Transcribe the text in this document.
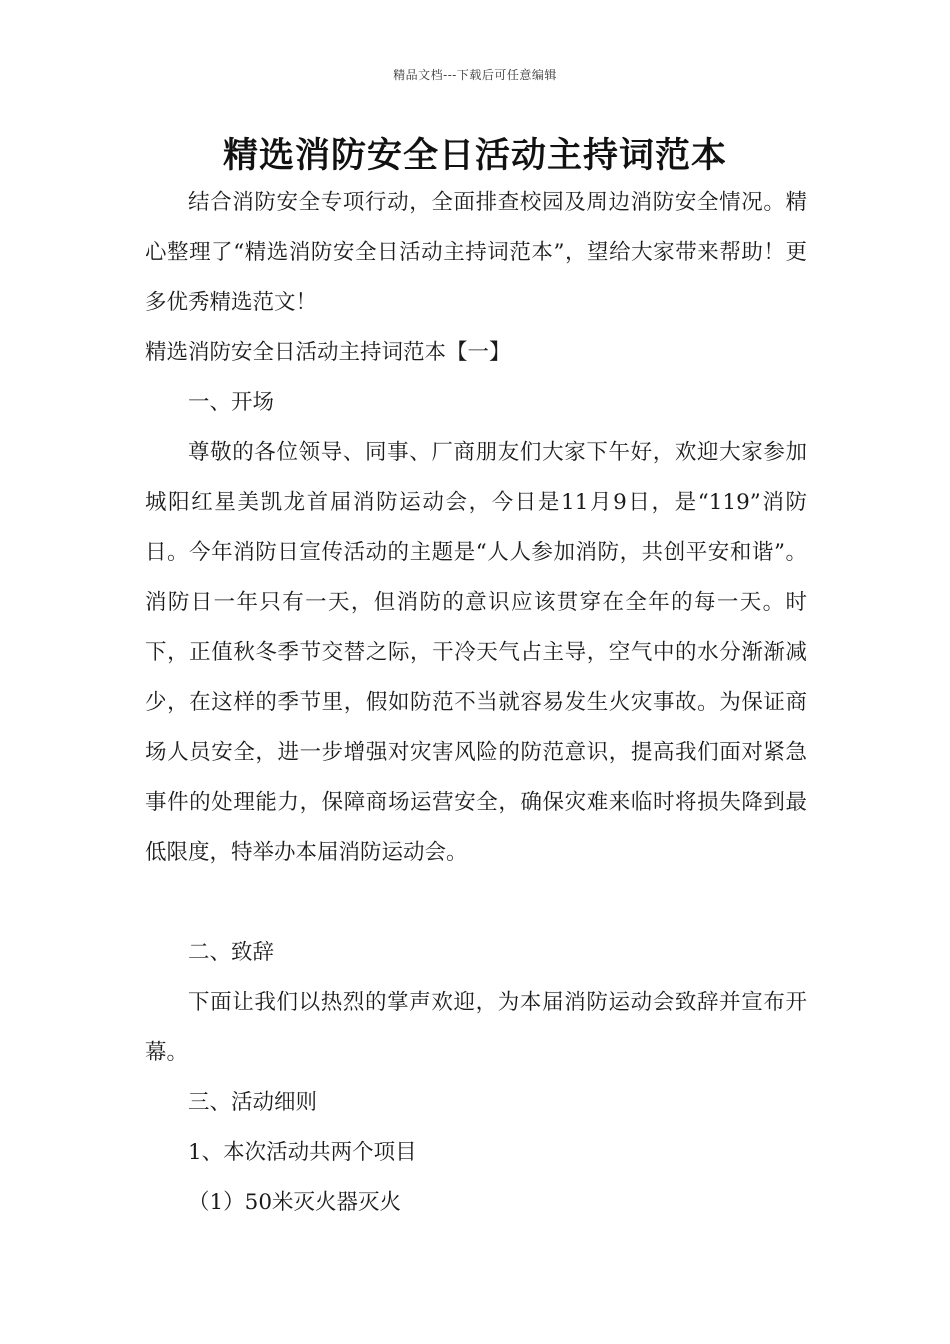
精品文档---下载后可任意编辑
精选消防安全日活动主持词范本

结合消防安全专项行动，全面排查校园及周边消防安全情况。精心整理了“精选消防安全日活动主持词范本”，望给大家带来帮助！更多优秀精选范文！

精选消防安全日活动主持词范本【一】

一、开场

尊敬的各位领导、同事、厂商朋友们大家下午好，欢迎大家参加城阳红星美凯龙首届消防运动会，今日是11月9日，是“119”消防日。今年消防日宣传活动的主题是“人人参加消防，共创平安和谐”。消防日一年只有一天，但消防的意识应该贯穿在全年的每一天。时下，正值秋冬季节交替之际，干冷天气占主导，空气中的水分渐渐减少，在这样的季节里，假如防范不当就容易发生火灾事故。为保证商场人员安全，进一步增强对灾害风险的防范意识，提高我们面对紧急事件的处理能力，保障商场运营安全，确保灾难来临时将损失降到最低限度，特举办本届消防运动会。

二、致辞

下面让我们以热烈的掌声欢迎，为本届消防运动会致辞并宣布开幕。

三、活动细则

1、本次活动共两个项目

（1）50米灭火器灭火
